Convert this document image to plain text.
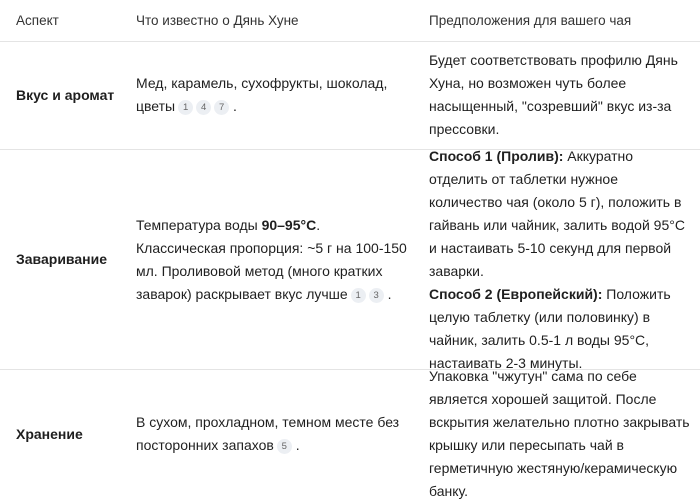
Аспект	Что известно о Дянь Хуне	Предположения для вашего чая
Вкус и аромат
Мед, карамель, сухофрукты, шоколад, цветы 1 4 7 .
Будет соответствовать профилю Дянь Хуна, но возможен чуть более насыщенный, "созревший" вкус из-за прессовки.
Заваривание
Температура воды 90–95°C. Классическая пропорция: ~5 г на 100-150 мл. Проливовой метод (много кратких заварок) раскрывает вкус лучше 1 3 .
Способ 1 (Пролив): Аккуратно отделить от таблетки нужное количество чая (около 5 г), положить в гайвань или чайник, залить водой 95°C и настаивать 5-10 секунд для первой заварки.
Способ 2 (Европейский): Положить целую таблетку (или половинку) в чайник, залить 0.5-1 л воды 95°C, настаивать 2-3 минуты.
Хранение
В сухом, прохладном, темном месте без посторонних запахов 5 .
Упаковка "чжутун" сама по себе является хорошей защитой. После вскрытия желательно плотно закрывать крышку или пересыпать чай в герметичную жестяную/керамическую банку.
